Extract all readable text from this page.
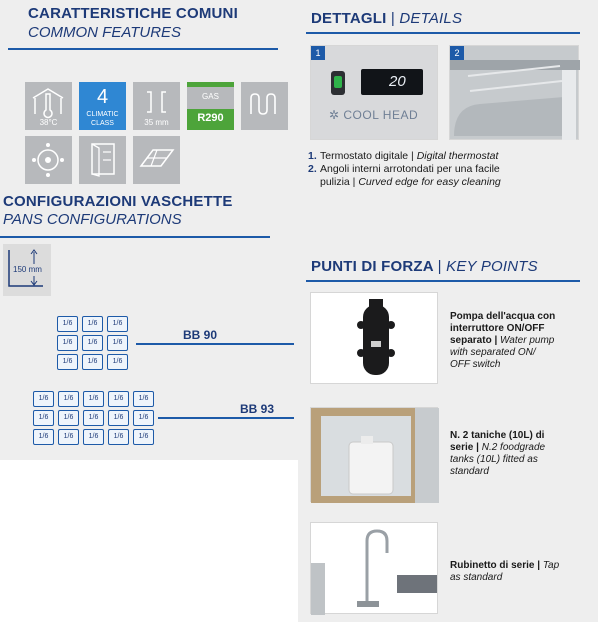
CARATTERISTICHE COMUNI
COMMON FEATURES
38°C
4
CLIMATIC
CLASS	35 mm
GAS
R290
CONFIGURAZIONI VASCHETTE
PANS CONFIGURATIONS
150 mm
1/6	1/6	1/6
1/6	1/6	1/6
1/6	1/6	1/6
BB 90
1/6	1/6	1/6	1/6	1/6
1/6	1/6	1/6	1/6	1/6
1/6	1/6	1/6	1/6	1/6
BB 93
DETTAGLI | DETAILS
1
20
✲ COOL HEAD
2
1. Termostato digitale | Digital thermostat
2. Angoli interni arrotondati per una facile
pulizia | Curved edge for easy cleaning
PUNTI DI FORZA | KEY POINTS
Pompa dell'acqua con
interruttore ON/OFF
separato | Water pump
with separated ON/
OFF switch
N. 2 taniche (10L) di
serie | N.2 foodgrade
tanks (10L) fitted as
standard
Rubinetto di serie | Tap
as standard
